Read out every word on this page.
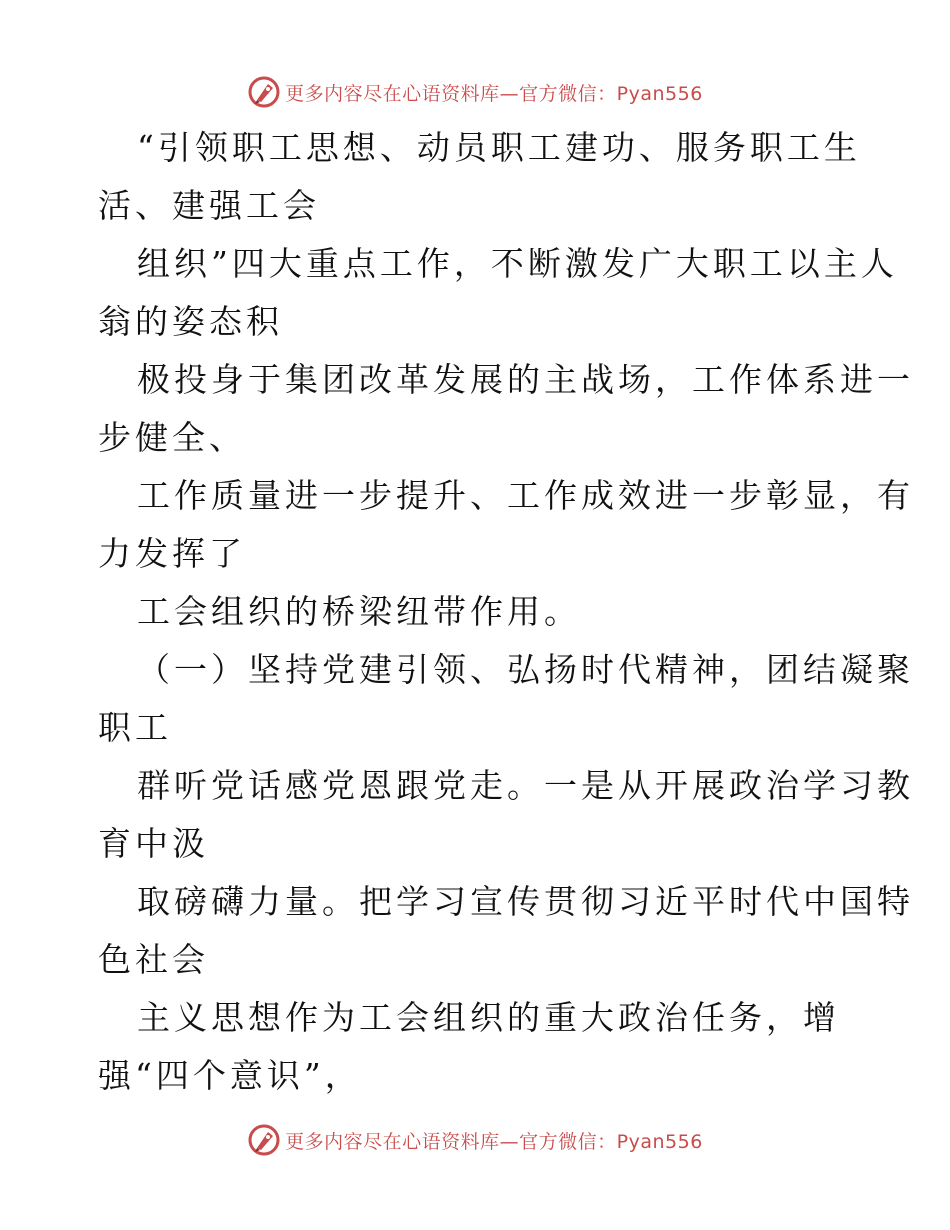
更多内容尽在心语资料库—官方微信：Pyan556
“引领职工思想、动员职工建功、服务职工生
活、建强工会
组织”四大重点工作，不断激发广大职工以主人
翁的姿态积
极投身于集团改革发展的主战场，工作体系进一
步健全、
工作质量进一步提升、工作成效进一步彰显，有
力发挥了
工会组织的桥梁纽带作用。
（一）坚持党建引领、弘扬时代精神，团结凝聚
职工
群听党话感党恩跟党走。一是从开展政治学习教
育中汲
取磅礴力量。把学习宣传贯彻习近平时代中国特
色社会
主义思想作为工会组织的重大政治任务，增
强“四个意识”，
更多内容尽在心语资料库—官方微信：Pyan556
